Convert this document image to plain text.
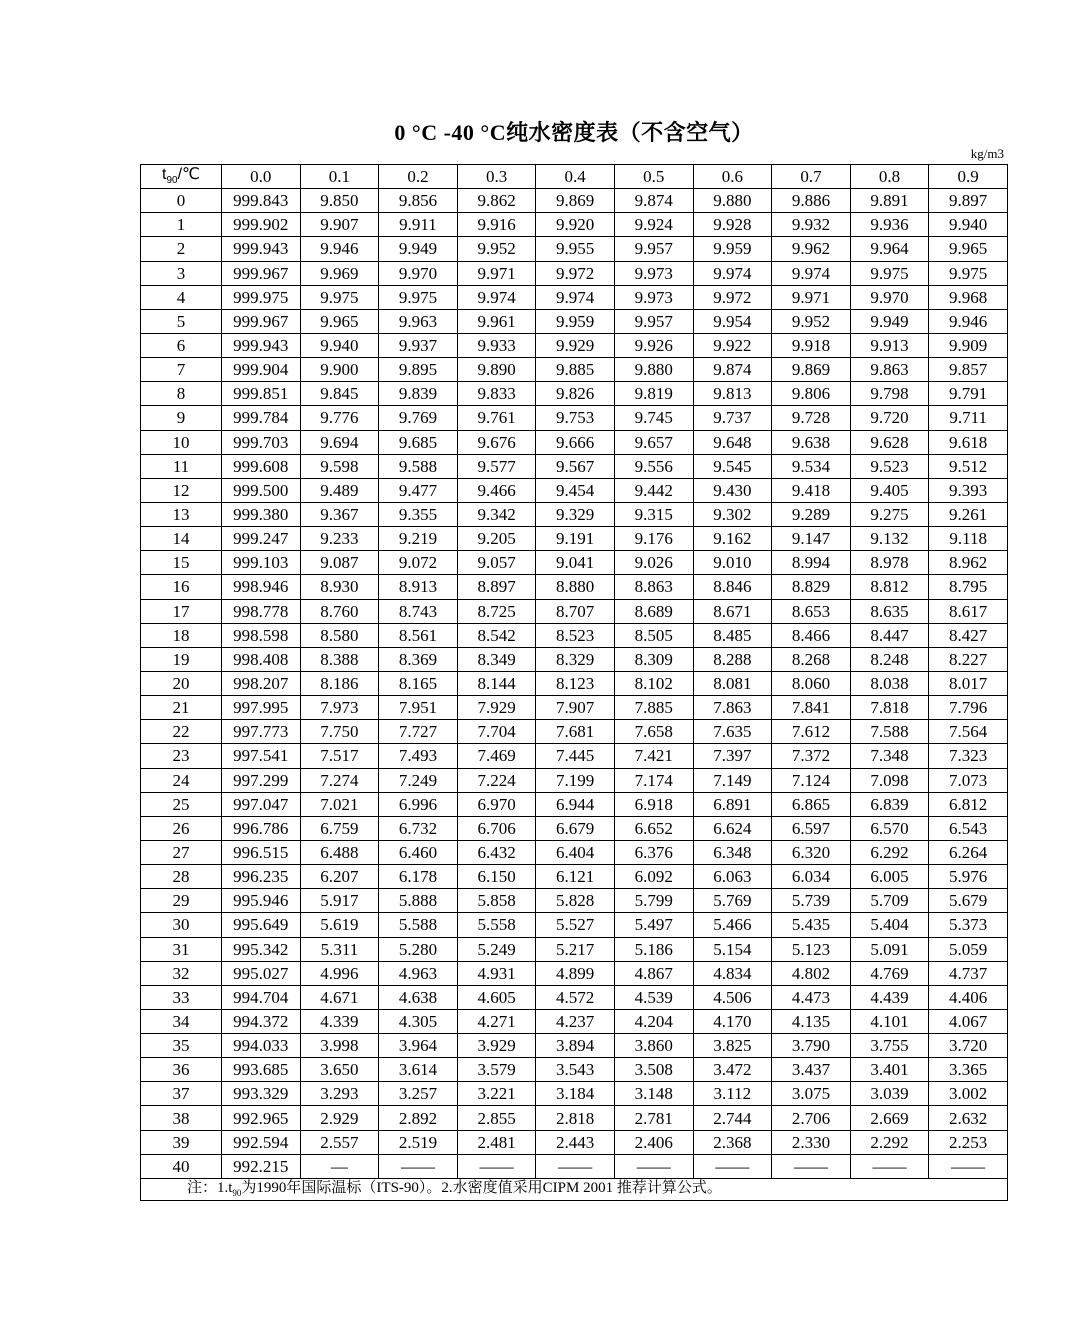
0 °C -40 °C纯水密度表（不含空气）
kg/m3
$t_{90}/℃$	0.0	0.1	0.2	0.3	0.4	0.5	0.6	0.7	0.8	0.9
0	999.843	9.850	9.856	9.862	9.869	9.874	9.880	9.886	9.891	9.897
1	999.902	9.907	9.911	9.916	9.920	9.924	9.928	9.932	9.936	9.940
2	999.943	9.946	9.949	9.952	9.955	9.957	9.959	9.962	9.964	9.965
3	999.967	9.969	9.970	9.971	9.972	9.973	9.974	9.974	9.975	9.975
4	999.975	9.975	9.975	9.974	9.974	9.973	9.972	9.971	9.970	9.968
5	999.967	9.965	9.963	9.961	9.959	9.957	9.954	9.952	9.949	9.946
6	999.943	9.940	9.937	9.933	9.929	9.926	9.922	9.918	9.913	9.909
7	999.904	9.900	9.895	9.890	9.885	9.880	9.874	9.869	9.863	9.857
8	999.851	9.845	9.839	9.833	9.826	9.819	9.813	9.806	9.798	9.791
9	999.784	9.776	9.769	9.761	9.753	9.745	9.737	9.728	9.720	9.711
10	999.703	9.694	9.685	9.676	9.666	9.657	9.648	9.638	9.628	9.618
11	999.608	9.598	9.588	9.577	9.567	9.556	9.545	9.534	9.523	9.512
12	999.500	9.489	9.477	9.466	9.454	9.442	9.430	9.418	9.405	9.393
13	999.380	9.367	9.355	9.342	9.329	9.315	9.302	9.289	9.275	9.261
14	999.247	9.233	9.219	9.205	9.191	9.176	9.162	9.147	9.132	9.118
15	999.103	9.087	9.072	9.057	9.041	9.026	9.010	8.994	8.978	8.962
16	998.946	8.930	8.913	8.897	8.880	8.863	8.846	8.829	8.812	8.795
17	998.778	8.760	8.743	8.725	8.707	8.689	8.671	8.653	8.635	8.617
18	998.598	8.580	8.561	8.542	8.523	8.505	8.485	8.466	8.447	8.427
19	998.408	8.388	8.369	8.349	8.329	8.309	8.288	8.268	8.248	8.227
20	998.207	8.186	8.165	8.144	8.123	8.102	8.081	8.060	8.038	8.017
21	997.995	7.973	7.951	7.929	7.907	7.885	7.863	7.841	7.818	7.796
22	997.773	7.750	7.727	7.704	7.681	7.658	7.635	7.612	7.588	7.564
23	997.541	7.517	7.493	7.469	7.445	7.421	7.397	7.372	7.348	7.323
24	997.299	7.274	7.249	7.224	7.199	7.174	7.149	7.124	7.098	7.073
25	997.047	7.021	6.996	6.970	6.944	6.918	6.891	6.865	6.839	6.812
26	996.786	6.759	6.732	6.706	6.679	6.652	6.624	6.597	6.570	6.543
27	996.515	6.488	6.460	6.432	6.404	6.376	6.348	6.320	6.292	6.264
28	996.235	6.207	6.178	6.150	6.121	6.092	6.063	6.034	6.005	5.976
29	995.946	5.917	5.888	5.858	5.828	5.799	5.769	5.739	5.709	5.679
30	995.649	5.619	5.588	5.558	5.527	5.497	5.466	5.435	5.404	5.373
31	995.342	5.311	5.280	5.249	5.217	5.186	5.154	5.123	5.091	5.059
32	995.027	4.996	4.963	4.931	4.899	4.867	4.834	4.802	4.769	4.737
33	994.704	4.671	4.638	4.605	4.572	4.539	4.506	4.473	4.439	4.406
34	994.372	4.339	4.305	4.271	4.237	4.204	4.170	4.135	4.101	4.067
35	994.033	3.998	3.964	3.929	3.894	3.860	3.825	3.790	3.755	3.720
36	993.685	3.650	3.614	3.579	3.543	3.508	3.472	3.437	3.401	3.365
37	993.329	3.293	3.257	3.221	3.184	3.148	3.112	3.075	3.039	3.002
38	992.965	2.929	2.892	2.855	2.818	2.781	2.744	2.706	2.669	2.632
39	992.594	2.557	2.519	2.481	2.443	2.406	2.368	2.330	2.292	2.253
40	992.215	—	——	——	——	——	——	——	——	——
注：$1.t_{90}$为1990年国际温标（ITS-90）。2.水密度值采用CIPM 2001 推荐计算公式。										
